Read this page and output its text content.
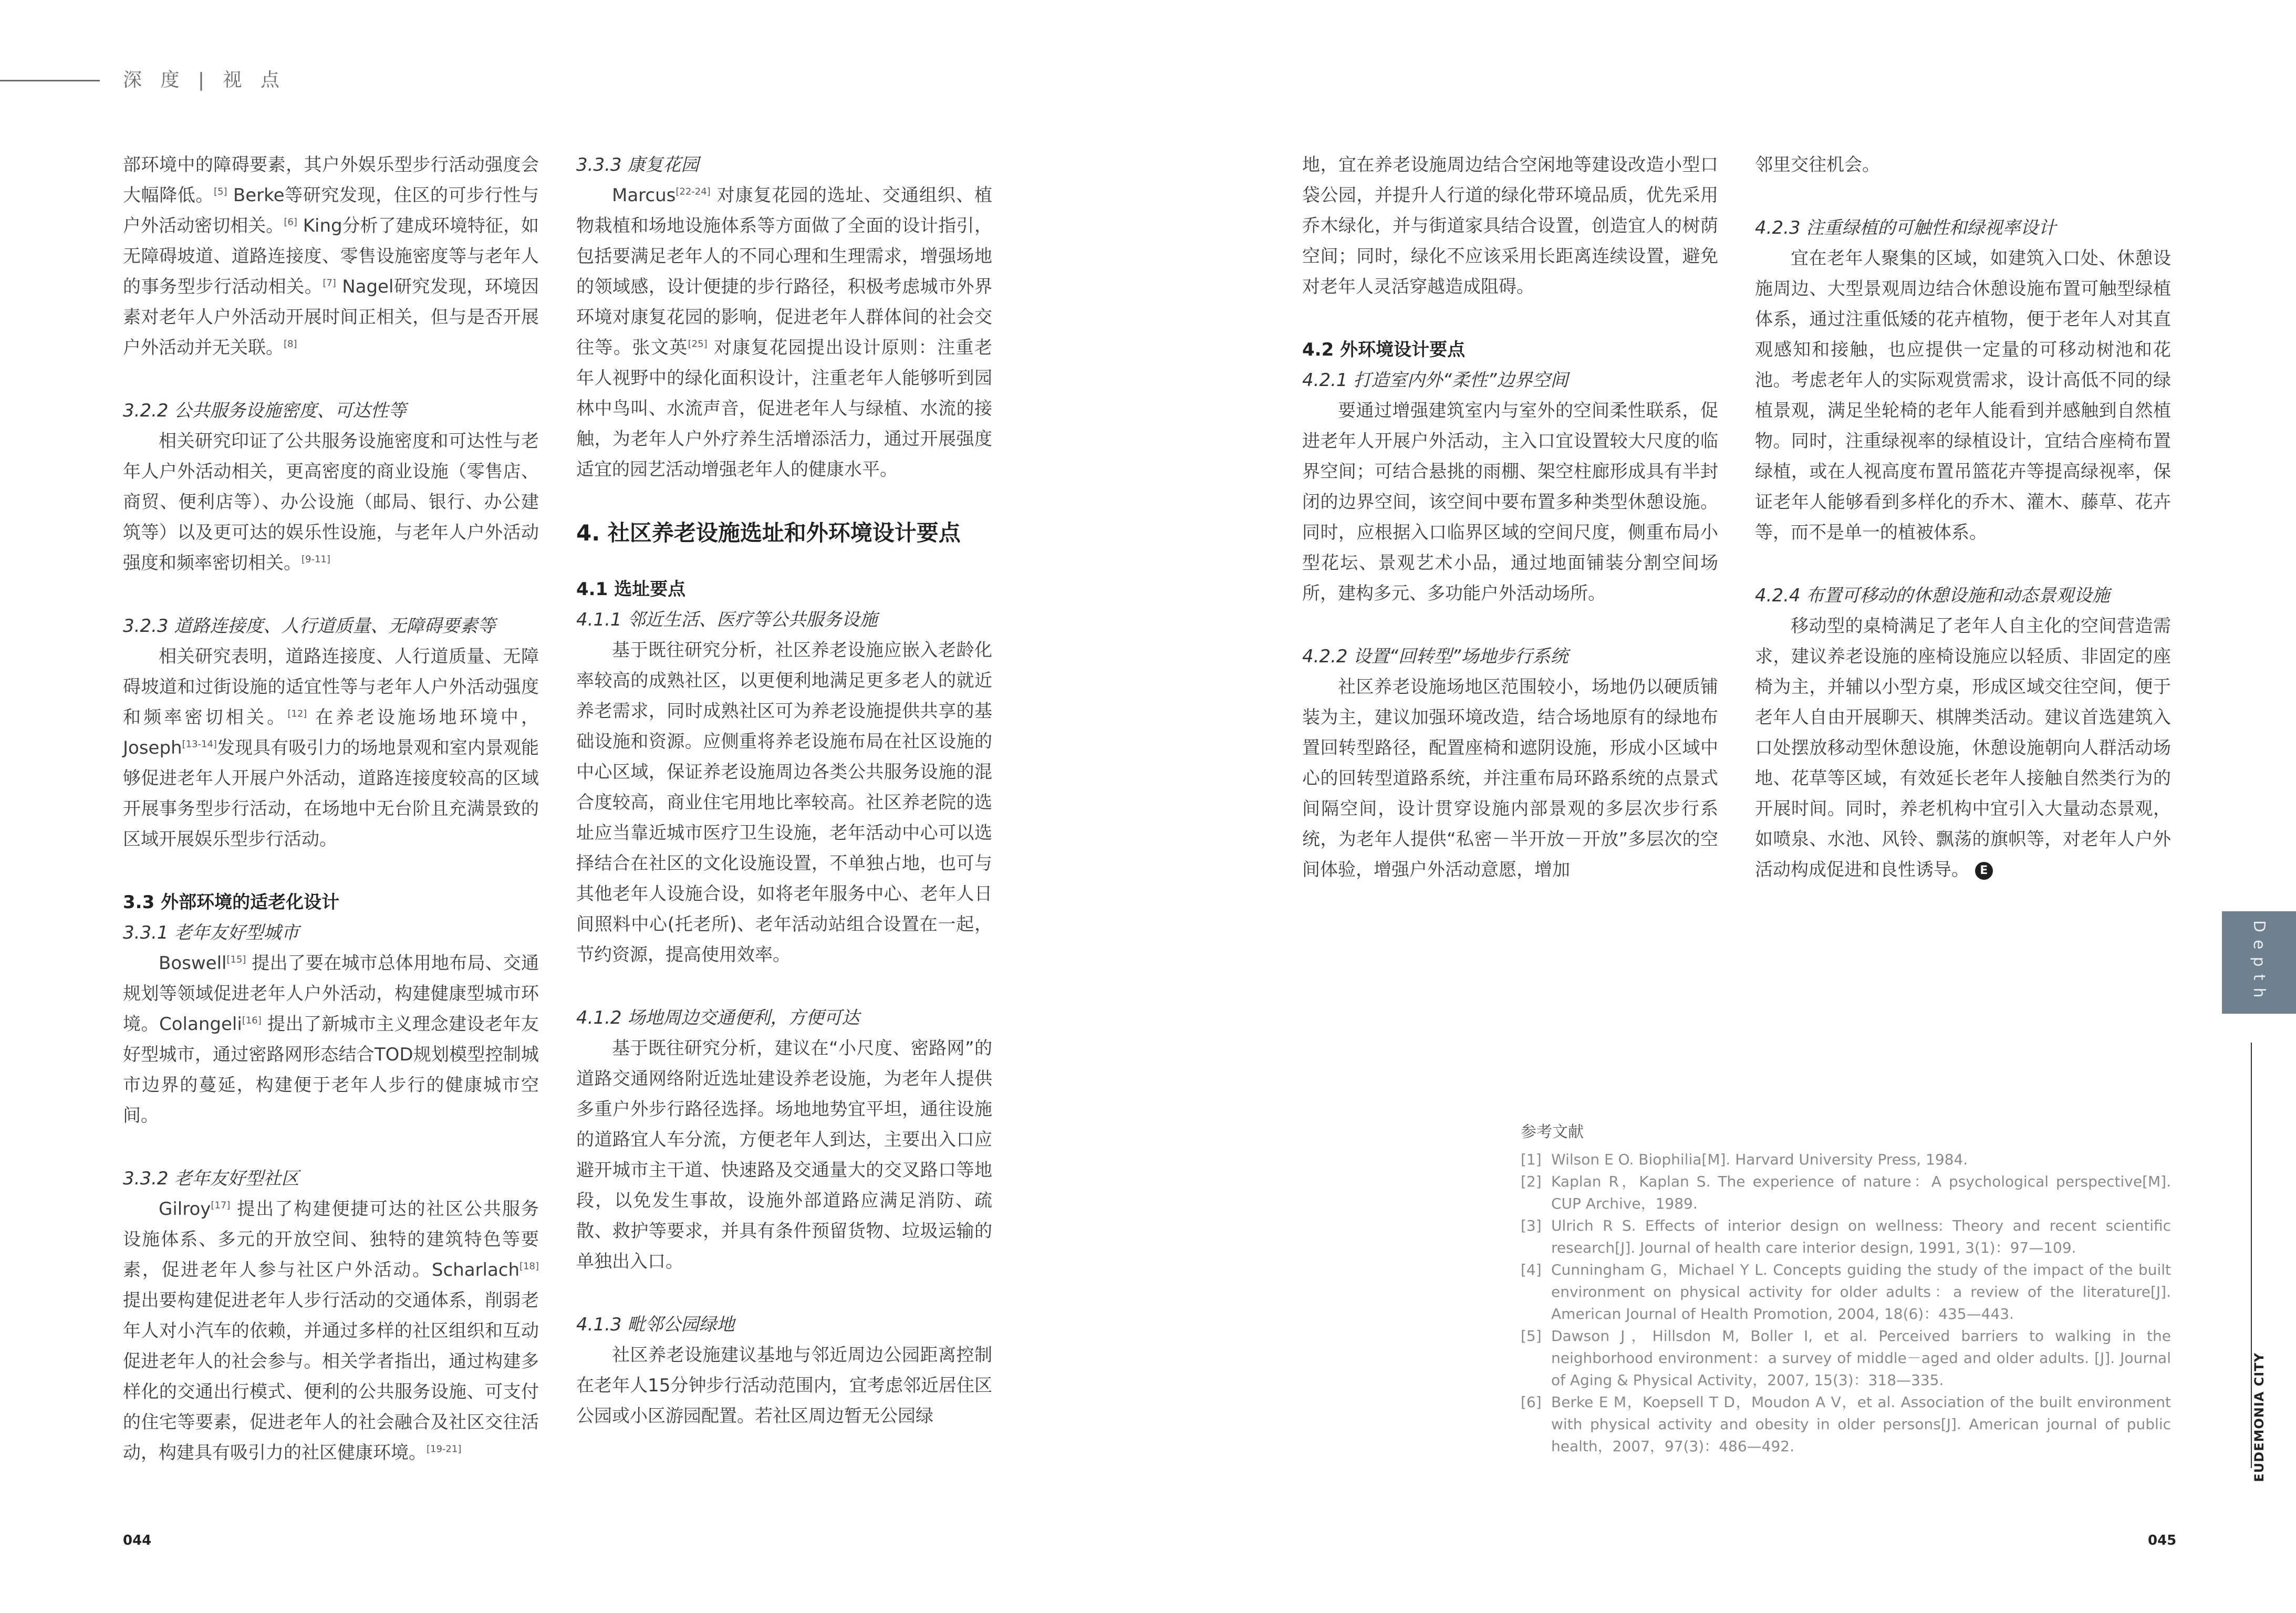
深 度 | 视 点

部环境中的障碍要素，其户外娱乐型步行活动强度会大幅降低。[5] Berke等研究发现，住区的可步行性与户外活动密切相关。[6] King分析了建成环境特征，如无障碍坡道、道路连接度、零售设施密度等与老年人的事务型步行活动相关。[7] Nagel研究发现，环境因素对老年人户外活动开展时间正相关，但与是否开展户外活动并无关联。[8]

3.2.2 公共服务设施密度、可达性等

相关研究印证了公共服务设施密度和可达性与老年人户外活动相关，更高密度的商业设施（零售店、商贸、便利店等）、办公设施（邮局、银行、办公建筑等）以及更可达的娱乐性设施，与老年人户外活动强度和频率密切相关。[9-11]

3.2.3 道路连接度、人行道质量、无障碍要素等

相关研究表明，道路连接度、人行道质量、无障碍坡道和过街设施的适宜性等与老年人户外活动强度和频率密切相关。[12] 在养老设施场地环境中，Joseph[13-14]发现具有吸引力的场地景观和室内景观能够促进老年人开展户外活动，道路连接度较高的区域开展事务型步行活动，在场地中无台阶且充满景致的区域开展娱乐型步行活动。

3.3 外部环境的适老化设计
3.3.1 老年友好型城市

Boswell[15] 提出了要在城市总体用地布局、交通规划等领域促进老年人户外活动，构建健康型城市环境。Colangeli[16] 提出了新城市主义理念建设老年友好型城市，通过密路网形态结合TOD规划模型控制城市边界的蔓延，构建便于老年人步行的健康城市空间。

3.3.2 老年友好型社区

Gilroy[17] 提出了构建便捷可达的社区公共服务设施体系、多元的开放空间、独特的建筑特色等要素，促进老年人参与社区户外活动。Scharlach[18] 提出要构建促进老年人步行活动的交通体系，削弱老年人对小汽车的依赖，并通过多样的社区组织和互动促进老年人的社会参与。相关学者指出，通过构建多样化的交通出行模式、便利的公共服务设施、可支付的住宅等要素，促进老年人的社会融合及社区交往活动，构建具有吸引力的社区健康环境。[19-21]

3.3.3 康复花园

Marcus[22-24] 对康复花园的选址、交通组织、植物栽植和场地设施体系等方面做了全面的设计指引，包括要满足老年人的不同心理和生理需求，增强场地的领域感，设计便捷的步行路径，积极考虑城市外界环境对康复花园的影响，促进老年人群体间的社会交往等。张文英[25] 对康复花园提出设计原则：注重老年人视野中的绿化面积设计，注重老年人能够听到园林中鸟叫、水流声音，促进老年人与绿植、水流的接触，为老年人户外疗养生活增添活力，通过开展强度适宜的园艺活动增强老年人的健康水平。

4. 社区养老设施选址和外环境设计要点
4.1 选址要点
4.1.1 邻近生活、医疗等公共服务设施

基于既往研究分析，社区养老设施应嵌入老龄化率较高的成熟社区，以更便利地满足更多老人的就近养老需求，同时成熟社区可为养老设施提供共享的基础设施和资源。应侧重将养老设施布局在社区设施的中心区域，保证养老设施周边各类公共服务设施的混合度较高，商业住宅用地比率较高。社区养老院的选址应当靠近城市医疗卫生设施，老年活动中心可以选择结合在社区的文化设施设置，不单独占地，也可与其他老年人设施合设，如将老年服务中心、老年人日间照料中心(托老所)、老年活动站组合设置在一起，节约资源，提高使用效率。

4.1.2 场地周边交通便利，方便可达

基于既往研究分析，建议在“小尺度、密路网”的道路交通网络附近选址建设养老设施，为老年人提供多重户外步行路径选择。场地地势宜平坦，通往设施的道路宜人车分流，方便老年人到达，主要出入口应避开城市主干道、快速路及交通量大的交叉路口等地段，以免发生事故，设施外部道路应满足消防、疏散、救护等要求，并具有条件预留货物、垃圾运输的单独出入口。

4.1.3 毗邻公园绿地

社区养老设施建议基地与邻近周边公园距离控制在老年人15分钟步行活动范围内，宜考虑邻近居住区公园或小区游园配置。若社区周边暂无公园绿

地，宜在养老设施周边结合空闲地等建设改造小型口袋公园，并提升人行道的绿化带环境品质，优先采用乔木绿化，并与街道家具结合设置，创造宜人的树荫空间；同时，绿化不应该采用长距离连续设置，避免对老年人灵活穿越造成阻碍。

4.2 外环境设计要点
4.2.1 打造室内外“柔性”边界空间

要通过增强建筑室内与室外的空间柔性联系，促进老年人开展户外活动，主入口宜设置较大尺度的临界空间；可结合悬挑的雨棚、架空柱廊形成具有半封闭的边界空间，该空间中要布置多种类型休憩设施。同时，应根据入口临界区域的空间尺度，侧重布局小型花坛、景观艺术小品，通过地面铺装分割空间场所，建构多元、多功能户外活动场所。

4.2.2 设置“回转型”场地步行系统

社区养老设施场地区范围较小，场地仍以硬质铺装为主，建议加强环境改造，结合场地原有的绿地布置回转型路径，配置座椅和遮阴设施，形成小区域中心的回转型道路系统，并注重布局环路系统的点景式间隔空间，设计贯穿设施内部景观的多层次步行系统，为老年人提供“私密－半开放－开放”多层次的空间体验，增强户外活动意愿，增加

邻里交往机会。

4.2.3 注重绿植的可触性和绿视率设计

宜在老年人聚集的区域，如建筑入口处、休憩设施周边、大型景观周边结合休憩设施布置可触型绿植体系，通过注重低矮的花卉植物，便于老年人对其直观感知和接触，也应提供一定量的可移动树池和花池。考虑老年人的实际观赏需求，设计高低不同的绿植景观，满足坐轮椅的老年人能看到并感触到自然植物。同时，注重绿视率的绿植设计，宜结合座椅布置绿植，或在人视高度布置吊篮花卉等提高绿视率，保证老年人能够看到多样化的乔木、灌木、藤草、花卉等，而不是单一的植被体系。

4.2.4 布置可移动的休憩设施和动态景观设施

移动型的桌椅满足了老年人自主化的空间营造需求，建议养老设施的座椅设施应以轻质、非固定的座椅为主，并辅以小型方桌，形成区域交往空间，便于老年人自由开展聊天、棋牌类活动。建议首选建筑入口处摆放移动型休憩设施，休憩设施朝向人群活动场地、花草等区域，有效延长老年人接触自然类行为的开展时间。同时，养老机构中宜引入大量动态景观，如喷泉、水池、风铃、飘荡的旗帜等，对老年人户外活动构成促进和良性诱导。 E

参考文献
[1] Wilson E O. Biophilia[M]. Harvard University Press, 1984.
[2] Kaplan R，Kaplan S. The experience of nature：A psychological perspective[M]. CUP Archive，1989.
[3] Ulrich R S. Effects of interior design on wellness: Theory and recent scientific research[J]. Journal of health care interior design, 1991, 3(1)：97—109.
[4] Cunningham G，Michael Y L. Concepts guiding the study of the impact of the built environment on physical activity for older adults：a review of the literature[J]. American Journal of Health Promotion, 2004, 18(6)：435—443.
[5] Dawson J，Hillsdon M, Boller I, et al. Perceived barriers to walking in the neighborhood environment：a survey of middle－aged and older adults. [J]. Journal of Aging & Physical Activity，2007, 15(3)：318—335.
[6] Berke E M，Koepsell T D，Moudon A V，et al. Association of the built environment with physical activity and obesity in older persons[J]. American journal of public health，2007，97(3)：486—492.
044	045
Depth
EUDEMONIA CITY
